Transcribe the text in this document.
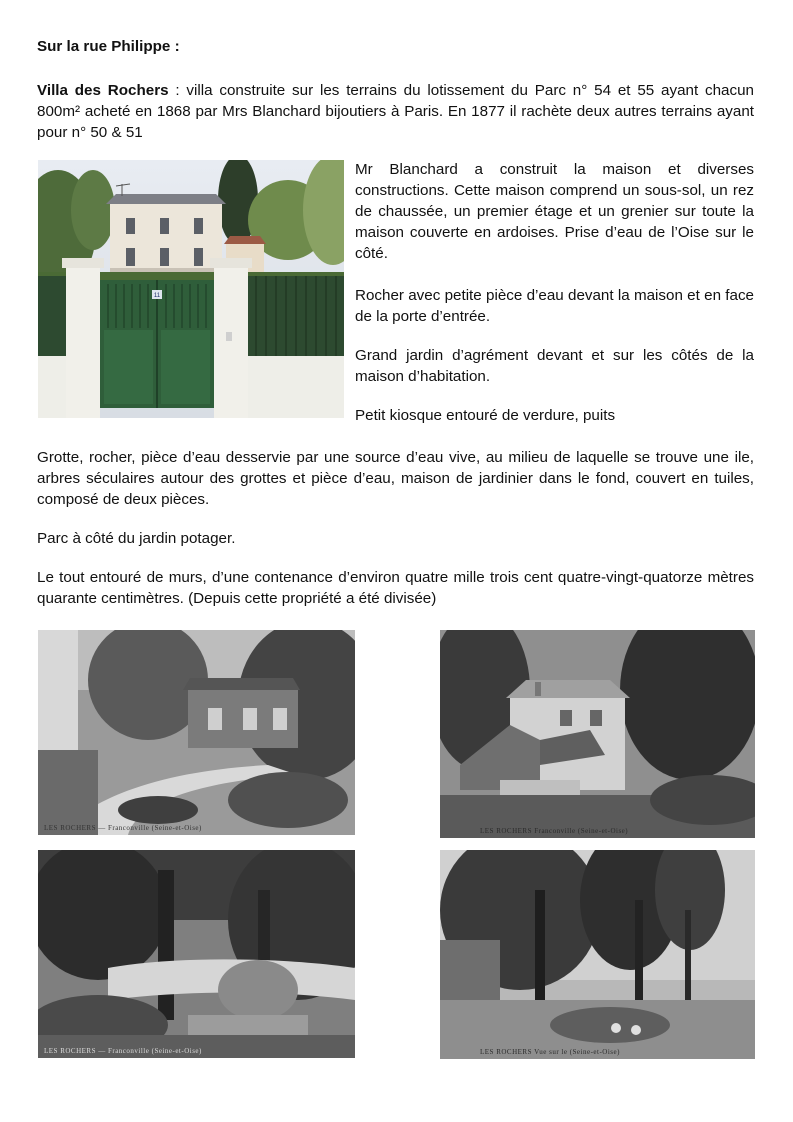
Sur la rue Philippe :

Villa des Rochers : villa construite sur les terrains du lotissement du Parc n° 54 et 55 ayant chacun 800m² acheté en 1868 par Mrs Blanchard bijoutiers à Paris. En 1877 il rachète deux autres terrains ayant pour n° 50 & 51

11

Mr Blanchard a construit la maison et diverses constructions. Cette maison comprend un sous-sol, un rez de chaussée, un premier étage et un grenier sur toute la maison couverte en ardoises. Prise d’eau de l’Oise sur le côté.

Rocher avec petite pièce d’eau devant la maison et en face de la porte d’entrée.

Grand jardin d’agrément devant et sur les côtés de la maison d’habitation.

Petit kiosque entouré de verdure, puits

Grotte, rocher, pièce d’eau desservie par une source d’eau vive, au milieu de laquelle se trouve une ile, arbres séculaires autour des grottes et pièce d’eau, maison de jardinier dans le fond, couvert en tuiles, composé de deux pièces.

Parc à côté du jardin potager.

Le tout entouré de murs, d’une contenance d’environ quatre mille trois cent quatre-vingt-quatorze mètres quarante centimètres. (Depuis cette propriété a été divisée)

LES ROCHERS — Franconville (Seine-et-Oise)	LES ROCHERS Franconville (Seine-et-Oise)
LES ROCHERS — Franconville (Seine-et-Oise)	LES ROCHERS Vue sur le (Seine-et-Oise)
